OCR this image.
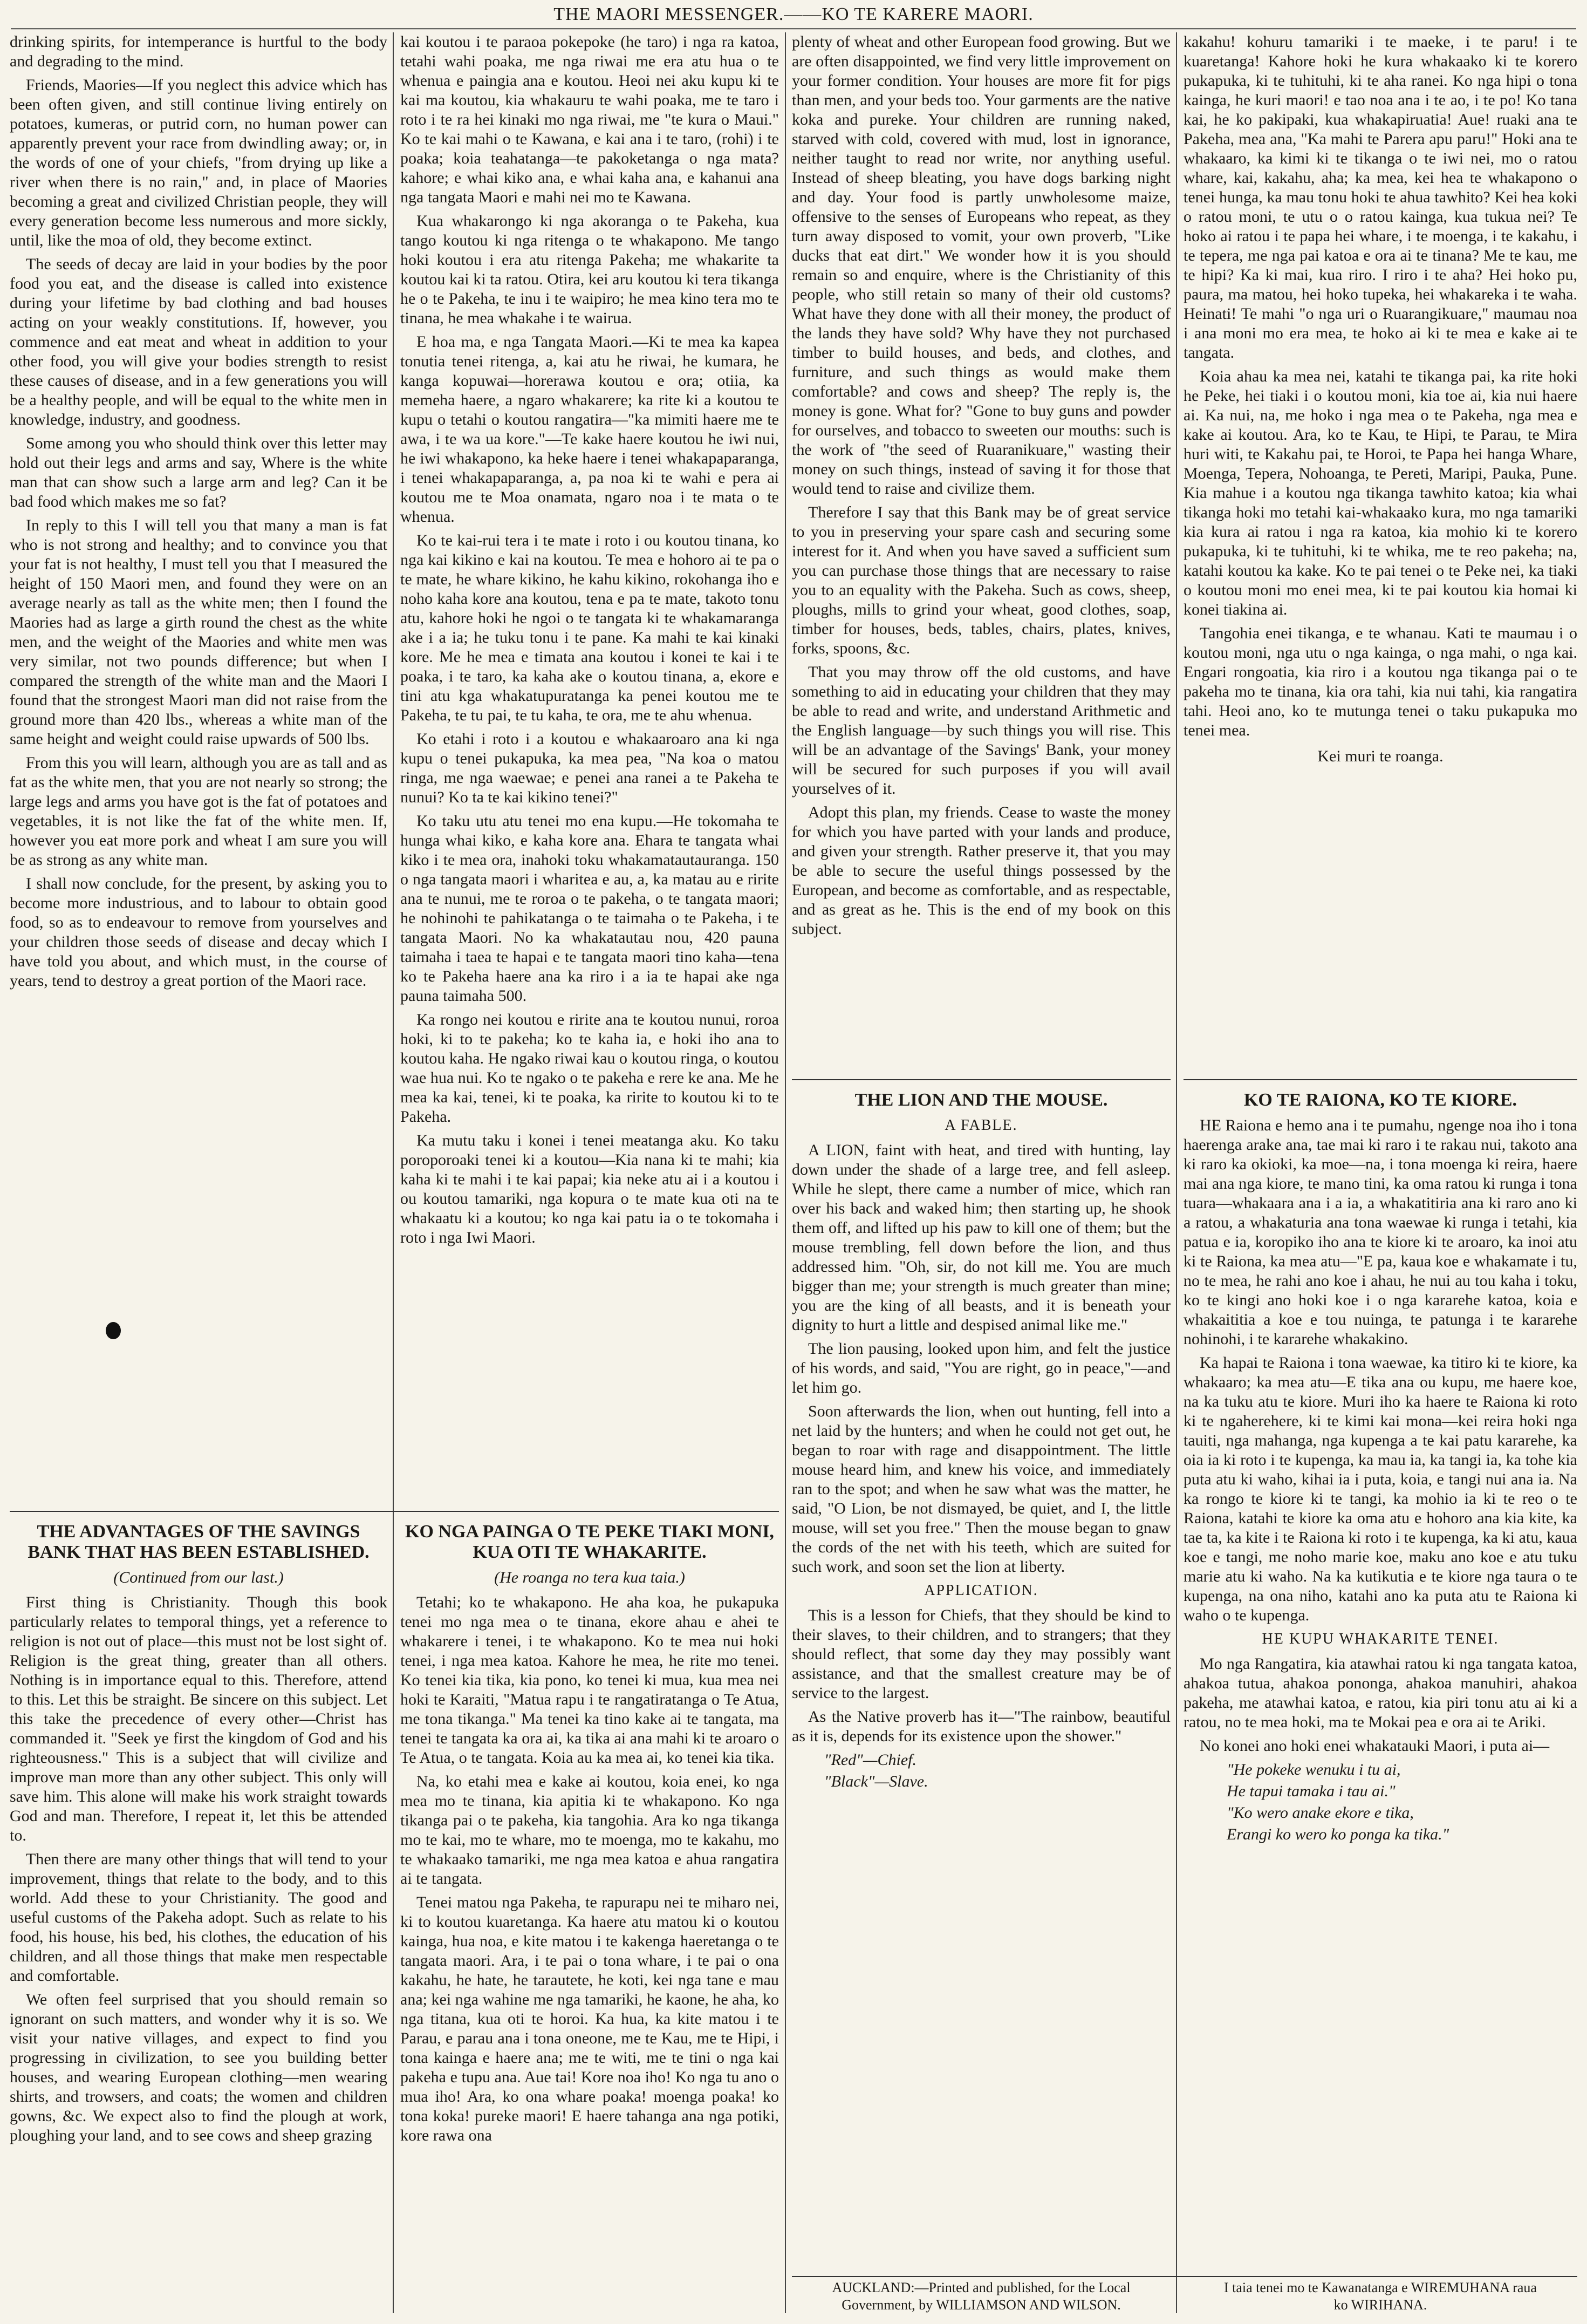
THE MAORI MESSENGER.——KO TE KARERE MAORI.

drinking spirits, for intemperance is hurtful to the body and degrading to the mind.

Friends, Maories—If you neglect this advice which has been often given, and still continue living entirely on potatoes, kumeras, or putrid corn, no human power can apparently prevent your race from dwindling away; or, in the words of one of your chiefs, "from drying up like a river when there is no rain," and, in place of Maories becoming a great and civilized Christian people, they will every generation become less numerous and more sickly, until, like the moa of old, they become extinct.

The seeds of decay are laid in your bodies by the poor food you eat, and the disease is called into existence during your lifetime by bad clothing and bad houses acting on your weakly constitutions. If, however, you commence and eat meat and wheat in addition to your other food, you will give your bodies strength to resist these causes of disease, and in a few generations you will be a healthy people, and will be equal to the white men in knowledge, industry, and goodness.

Some among you who should think over this letter may hold out their legs and arms and say, Where is the white man that can show such a large arm and leg? Can it be bad food which makes me so fat?

In reply to this I will tell you that many a man is fat who is not strong and healthy; and to convince you that your fat is not healthy, I must tell you that I measured the height of 150 Maori men, and found they were on an average nearly as tall as the white men; then I found the Maories had as large a girth round the chest as the white men, and the weight of the Maories and white men was very similar, not two pounds difference; but when I compared the strength of the white man and the Maori I found that the strongest Maori man did not raise from the ground more than 420 lbs., whereas a white man of the same height and weight could raise upwards of 500 lbs.

From this you will learn, although you are as tall and as fat as the white men, that you are not nearly so strong; the large legs and arms you have got is the fat of potatoes and vegetables, it is not like the fat of the white men. If, however you eat more pork and wheat I am sure you will be as strong as any white man.

I shall now conclude, for the present, by asking you to become more industrious, and to labour to obtain good food, so as to endeavour to remove from yourselves and your children those seeds of disease and decay which I have told you about, and which must, in the course of years, tend to destroy a great portion of the Maori race.

kai koutou i te paraoa pokepoke (he taro) i nga ra katoa, tetahi wahi poaka, me nga riwai me era atu hua o te whenua e paingia ana e koutou. Heoi nei aku kupu ki te kai ma koutou, kia whakauru te wahi poaka, me te taro i roto i te ra hei kinaki mo nga riwai, me "te kura o Maui." Ko te kai mahi o te Kawana, e kai ana i te taro, (rohi) i te poaka; koia teahatanga—te pakoketanga o nga mata? kahore; e whai kiko ana, e whai kaha ana, e kahanui ana nga tangata Maori e mahi nei mo te Kawana.

Kua whakarongo ki nga akoranga o te Pakeha, kua tango koutou ki nga ritenga o te whakapono. Me tango hoki koutou i era atu ritenga Pakeha; me whakarite ta koutou kai ki ta ratou. Otira, kei aru koutou ki tera tikanga he o te Pakeha, te inu i te waipiro; he mea kino tera mo te tinana, he mea whakahe i te wairua.

E hoa ma, e nga Tangata Maori.—Ki te mea ka kapea tonutia tenei ritenga, a, kai atu he riwai, he kumara, he kanga kopuwai—horerawa koutou e ora; otiia, ka memeha haere, a ngaro whakarere; ka rite ki a koutou te kupu o tetahi o koutou rangatira—"ka mimiti haere me te awa, i te wa ua kore."—Te kake haere koutou he iwi nui, he iwi whakapono, ka heke haere i tenei whakapaparanga, i tenei whakapaparanga, a, pa noa ki te wahi e pera ai koutou me te Moa onamata, ngaro noa i te mata o te whenua.

Ko te kai-rui tera i te mate i roto i ou koutou tinana, ko nga kai kikino e kai na koutou. Te mea e hohoro ai te pa o te mate, he whare kikino, he kahu kikino, rokohanga iho e noho kaha kore ana koutou, tena e pa te mate, takoto tonu atu, kahore hoki he ngoi o te tangata ki te whakamaranga ake i a ia; he tuku tonu i te pane. Ka mahi te kai kinaki kore. Me he mea e timata ana koutou i konei te kai i te poaka, i te taro, ka kaha ake o koutou tinana, a, ekore e tini atu kga whakatupuratanga ka penei koutou me te Pakeha, te tu pai, te tu kaha, te ora, me te ahu whenua.

Ko etahi i roto i a koutou e whakaaroaro ana ki nga kupu o tenei pukapuka, ka mea pea, "Na koa o matou ringa, me nga waewae; e penei ana ranei a te Pakeha te nunui? Ko ta te kai kikino tenei?"

Ko taku utu atu tenei mo ena kupu.—He tokomaha te hunga whai kiko, e kaha kore ana. Ehara te tangata whai kiko i te mea ora, inahoki toku whakamatautauranga. 150 o nga tangata maori i wharitea e au, a, ka matau au e ririte ana te nunui, me te roroa o te pakeha, o te tangata maori; he nohinohi te pahikatanga o te taimaha o te Pakeha, i te tangata Maori. No ka whakatautau nou, 420 pauna taimaha i taea te hapai e te tangata maori tino kaha—tena ko te Pakeha haere ana ka riro i a ia te hapai ake nga pauna taimaha 500.

Ka rongo nei koutou e ririte ana te koutou nunui, roroa hoki, ki to te pakeha; ko te kaha ia, e hoki iho ana to koutou kaha. He ngako riwai kau o koutou ringa, o koutou wae hua nui. Ko te ngako o te pakeha e rere ke ana. Me he mea ka kai, tenei, ki te poaka, ka ririte to koutou ki to te Pakeha.

Ka mutu taku i konei i tenei meatanga aku. Ko taku poroporoaki tenei ki a koutou—Kia nana ki te mahi; kia kaha ki te mahi i te kai papai; kia neke atu ai i a koutou i ou koutou tamariki, nga kopura o te mate kua oti na te whakaatu ki a koutou; ko nga kai patu ia o te tokomaha i roto i nga Iwi Maori.

THE ADVANTAGES OF THE SAVINGS BANK THAT HAS BEEN ESTABLISHED.
(Continued from our last.)

First thing is Christianity. Though this book particularly relates to temporal things, yet a reference to religion is not out of place—this must not be lost sight of. Religion is the great thing, greater than all others. Nothing is in importance equal to this. Therefore, attend to this. Let this be straight. Be sincere on this subject. Let this take the precedence of every other—Christ has commanded it. "Seek ye first the kingdom of God and his righteousness." This is a subject that will civilize and improve man more than any other subject. This only will save him. This alone will make his work straight towards God and man. Therefore, I repeat it, let this be attended to.

Then there are many other things that will tend to your improvement, things that relate to the body, and to this world. Add these to your Christianity. The good and useful customs of the Pakeha adopt. Such as relate to his food, his house, his bed, his clothes, the education of his children, and all those things that make men respectable and comfortable.

We often feel surprised that you should remain so ignorant on such matters, and wonder why it is so. We visit your native villages, and expect to find you progressing in civilization, to see you building better houses, and wearing European clothing—men wearing shirts, and trowsers, and coats; the women and children gowns, &c. We expect also to find the plough at work, ploughing your land, and to see cows and sheep grazing

KO NGA PAINGA O TE PEKE TIAKI MONI, KUA OTI TE WHAKARITE.
(He roanga no tera kua taia.)

Tetahi; ko te whakapono. He aha koa, he pukapuka tenei mo nga mea o te tinana, ekore ahau e ahei te whakarere i tenei, i te whakapono. Ko te mea nui hoki tenei, i nga mea katoa. Kahore he mea, he rite mo tenei. Ko tenei kia tika, kia pono, ko tenei ki mua, kua mea nei hoki te Karaiti, "Matua rapu i te rangatiratanga o Te Atua, me tona tikanga." Ma tenei ka tino kake ai te tangata, ma tenei te tangata ka ora ai, ka tika ai ana mahi ki te aroaro o Te Atua, o te tangata. Koia au ka mea ai, ko tenei kia tika.

Na, ko etahi mea e kake ai koutou, koia enei, ko nga mea mo te tinana, kia apitia ki te whakapono. Ko nga tikanga pai o te pakeha, kia tangohia. Ara ko nga tikanga mo te kai, mo te whare, mo te moenga, mo te kakahu, mo te whakaako tamariki, me nga mea katoa e ahua rangatira ai te tangata.

Tenei matou nga Pakeha, te rapurapu nei te miharo nei, ki to koutou kuaretanga. Ka haere atu matou ki o koutou kainga, hua noa, e kite matou i te kakenga haeretanga o te tangata maori. Ara, i te pai o tona whare, i te pai o ona kakahu, he hate, he tarautete, he koti, kei nga tane e mau ana; kei nga wahine me nga tamariki, he kaone, he aha, ko nga titana, kua oti te horoi. Ka hua, ka kite matou i te Parau, e parau ana i tona oneone, me te Kau, me te Hipi, i tona kainga e haere ana; me te witi, me te tini o nga kai pakeha e tupu ana. Aue tai! Kore noa iho! Ko nga tu ano o mua iho! Ara, ko ona whare poaka! moenga poaka! ko tona koka! pureke maori! E haere tahanga ana nga potiki, kore rawa ona

plenty of wheat and other European food growing. But we are often disappointed, we find very little improvement on your former condition. Your houses are more fit for pigs than men, and your beds too. Your garments are the native koka and pureke. Your children are running naked, starved with cold, covered with mud, lost in ignorance, neither taught to read nor write, nor anything useful. Instead of sheep bleating, you have dogs barking night and day. Your food is partly unwholesome maize, offensive to the senses of Europeans who repeat, as they turn away disposed to vomit, your own proverb, "Like ducks that eat dirt." We wonder how it is you should remain so and enquire, where is the Christianity of this people, who still retain so many of their old customs? What have they done with all their money, the product of the lands they have sold? Why have they not purchased timber to build houses, and beds, and clothes, and furniture, and such things as would make them comfortable? and cows and sheep? The reply is, the money is gone. What for? "Gone to buy guns and powder for ourselves, and tobacco to sweeten our mouths: such is the work of "the seed of Ruaranikuare," wasting their money on such things, instead of saving it for those that would tend to raise and civilize them.

Therefore I say that this Bank may be of great service to you in preserving your spare cash and securing some interest for it. And when you have saved a sufficient sum you can purchase those things that are necessary to raise you to an equality with the Pakeha. Such as cows, sheep, ploughs, mills to grind your wheat, good clothes, soap, timber for houses, beds, tables, chairs, plates, knives, forks, spoons, &c.

That you may throw off the old customs, and have something to aid in educating your children that they may be able to read and write, and understand Arithmetic and the English language—by such things you will rise. This will be an advantage of the Savings' Bank, your money will be secured for such purposes if you will avail yourselves of it.

Adopt this plan, my friends. Cease to waste the money for which you have parted with your lands and produce, and given your strength. Rather preserve it, that you may be able to secure the useful things possessed by the European, and become as comfortable, and as respectable, and as great as he. This is the end of my book on this subject.

kakahu! kohuru tamariki i te maeke, i te paru! i te kuaretanga! Kahore hoki he kura whakaako ki te korero pukapuka, ki te tuhituhi, ki te aha ranei. Ko nga hipi o tona kainga, he kuri maori! e tao noa ana i te ao, i te po! Ko tana kai, he ko pakipaki, kua whakapiruatia! Aue! ruaki ana te Pakeha, mea ana, "Ka mahi te Parera apu paru!" Hoki ana te whakaaro, ka kimi ki te tikanga o te iwi nei, mo o ratou whare, kai, kakahu, aha; ka mea, kei hea te whakapono o tenei hunga, ka mau tonu hoki te ahua tawhito? Kei hea koki o ratou moni, te utu o o ratou kainga, kua tukua nei? Te hoko ai ratou i te papa hei whare, i te moenga, i te kakahu, i te tepera, me nga pai katoa e ora ai te tinana? Me te kau, me te hipi? Ka ki mai, kua riro. I riro i te aha? Hei hoko pu, paura, ma matou, hei hoko tupeka, hei whakareka i te waha. Heinati! Te mahi "o nga uri o Ruarangikuare," maumau noa i ana moni mo era mea, te hoko ai ki te mea e kake ai te tangata.

Koia ahau ka mea nei, katahi te tikanga pai, ka rite hoki he Peke, hei tiaki i o koutou moni, kia toe ai, kia nui haere ai. Ka nui, na, me hoko i nga mea o te Pakeha, nga mea e kake ai koutou. Ara, ko te Kau, te Hipi, te Parau, te Mira huri witi, te Kakahu pai, te Horoi, te Papa hei hanga Whare, Moenga, Tepera, Nohoanga, te Pereti, Maripi, Pauka, Pune. Kia mahue i a koutou nga tikanga tawhito katoa; kia whai tikanga hoki mo tetahi kai-whakaako kura, mo nga tamariki kia kura ai ratou i nga ra katoa, kia mohio ki te korero pukapuka, ki te tuhituhi, ki te whika, me te reo pakeha; na, katahi koutou ka kake. Ko te pai tenei o te Peke nei, ka tiaki o koutou moni mo enei mea, ki te pai koutou kia homai ki konei tiakina ai.

Tangohia enei tikanga, e te whanau. Kati te maumau i o koutou moni, nga utu o nga kainga, o nga mahi, o nga kai. Engari rongoatia, kia riro i a koutou nga tikanga pai o te pakeha mo te tinana, kia ora tahi, kia nui tahi, kia rangatira tahi. Heoi ano, ko te mutunga tenei o taku pukapuka mo tenei mea.

Kei muri te roanga.

THE LION AND THE MOUSE.
A FABLE.

A LION, faint with heat, and tired with hunting, lay down under the shade of a large tree, and fell asleep. While he slept, there came a number of mice, which ran over his back and waked him; then starting up, he shook them off, and lifted up his paw to kill one of them; but the mouse trembling, fell down before the lion, and thus addressed him. "Oh, sir, do not kill me. You are much bigger than me; your strength is much greater than mine; you are the king of all beasts, and it is beneath your dignity to hurt a little and despised animal like me."

The lion pausing, looked upon him, and felt the justice of his words, and said, "You are right, go in peace,"—and let him go.

Soon afterwards the lion, when out hunting, fell into a net laid by the hunters; and when he could not get out, he began to roar with rage and disappointment. The little mouse heard him, and knew his voice, and immediately ran to the spot; and when he saw what was the matter, he said, "O Lion, be not dismayed, be quiet, and I, the little mouse, will set you free." Then the mouse began to gnaw the cords of the net with his teeth, which are suited for such work, and soon set the lion at liberty.

APPLICATION.

This is a lesson for Chiefs, that they should be kind to their slaves, to their children, and to strangers; that they should reflect, that some day they may possibly want assistance, and that the smallest creature may be of service to the largest.

As the Native proverb has it—"The rainbow, beautiful as it is, depends for its existence upon the shower."

"Red"—Chief.

"Black"—Slave.

KO TE RAIONA, KO TE KIORE.

HE Raiona e hemo ana i te pumahu, ngenge noa iho i tona haerenga arake ana, tae mai ki raro i te rakau nui, takoto ana ki raro ka okioki, ka moe—na, i tona moenga ki reira, haere mai ana nga kiore, te mano tini, ka oma ratou ki runga i tona tuara—whakaara ana i a ia, a whakatitiria ana ki raro ano ki a ratou, a whakaturia ana tona waewae ki runga i tetahi, kia patua e ia, koropiko iho ana te kiore ki te aroaro, ka inoi atu ki te Raiona, ka mea atu—"E pa, kaua koe e whakamate i tu, no te mea, he rahi ano koe i ahau, he nui au tou kaha i toku, ko te kingi ano hoki koe i o nga kararehe katoa, koia e whakaititia a koe e tou nuinga, te patunga i te kararehe nohinohi, i te kararehe whakakino.

Ka hapai te Raiona i tona waewae, ka titiro ki te kiore, ka whakaaro; ka mea atu—E tika ana ou kupu, me haere koe, na ka tuku atu te kiore. Muri iho ka haere te Raiona ki roto ki te ngaherehere, ki te kimi kai mona—kei reira hoki nga tauiti, nga mahanga, nga kupenga a te kai patu kararehe, ka oia ia ki roto i te kupenga, ka mau ia, ka tangi ia, ka tohe kia puta atu ki waho, kihai ia i puta, koia, e tangi nui ana ia. Na ka rongo te kiore ki te tangi, ka mohio ia ki te reo o te Raiona, katahi te kiore ka oma atu e hohoro ana kia kite, ka tae ta, ka kite i te Raiona ki roto i te kupenga, ka ki atu, kaua koe e tangi, me noho marie koe, maku ano koe e atu tuku marie atu ki waho. Na ka kutikutia e te kiore nga taura o te kupenga, na ona niho, katahi ano ka puta atu te Raiona ki waho o te kupenga.

HE KUPU WHAKARITE TENEI.

Mo nga Rangatira, kia atawhai ratou ki nga tangata katoa, ahakoa tutua, ahakoa pononga, ahakoa manuhiri, ahakoa pakeha, me atawhai katoa, e ratou, kia piri tonu atu ai ki a ratou, no te mea hoki, ma te Mokai pea e ora ai te Ariki.

No konei ano hoki enei whakatauki Maori, i puta ai—

"He pokeke wenuku i tu ai,

He tapui tamaka i tau ai."

"Ko wero anake ekore e tika,

Erangi ko wero ko ponga ka tika."

AUCKLAND:—Printed and published, for the Local
Government, by WILLIAMSON AND WILSON.
I taia tenei mo te Kawanatanga e WIREMUHANA raua
ko WIRIHANA.
